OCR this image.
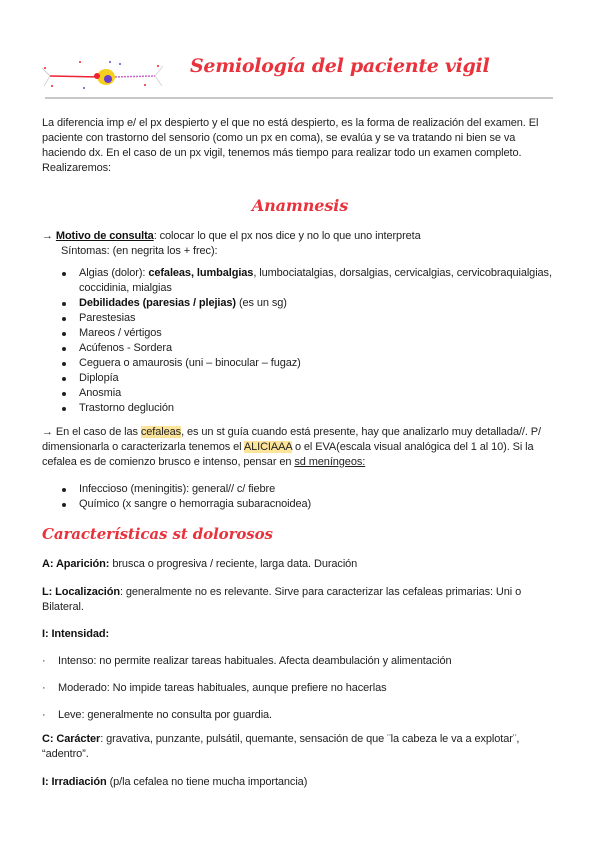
Semiología del paciente vigil
La diferencia imp e/ el px despierto y el que no está despierto, es la forma de realización del examen. El paciente con trastorno del sensorio (como un px en coma), se evalúa y se va tratando ni bien se va haciendo dx. En el caso de un px vigil, tenemos más tiempo para realizar todo un examen completo. Realizaremos:
Anamnesis
→ Motivo de consulta: colocar lo que el px nos dice y no lo que uno interpreta
Síntomas: (en negrita los + frec):
Algias (dolor): cefaleas, lumbalgias, lumbociatalgias, dorsalgias, cervicalgias, cervicobraquialgias, coccidinia, mialgias
Debilidades (paresias / plejias) (es un sg)
Parestesias
Mareos / vértigos
Acúfenos - Sordera
Ceguera o amaurosis (uni – binocular – fugaz)
Diplopía
Anosmia
Trastorno deglución
→ En el caso de las cefaleas, es un st guía cuando está presente, hay que analizarlo muy detallada//. P/ dimensionarla o caracterizarla tenemos el ALICIAAA o el EVA(escala visual analógica del 1 al 10). Si la cefalea es de comienzo brusco e intenso, pensar en sd meníngeos:
Infeccioso (meningitis): general// c/ fiebre
Químico (x sangre o hemorragia subaracnoidea)
Características st dolorosos
A: Aparición: brusca o progresiva / reciente, larga data. Duración
L: Localización: generalmente no es relevante. Sirve para caracterizar las cefaleas primarias: Uni o Bilateral.
I: Intensidad:
· Intenso: no permite realizar tareas habituales. Afecta deambulación y alimentación
· Moderado: No impide tareas habituales, aunque prefiere no hacerlas
· Leve: generalmente no consulta por guardia.
C: Carácter: gravativa, punzante, pulsátil, quemante, sensación de que ¨la cabeza le va a explotar¨, “adentro”.
I: Irradiación (p/la cefalea no tiene mucha importancia)
